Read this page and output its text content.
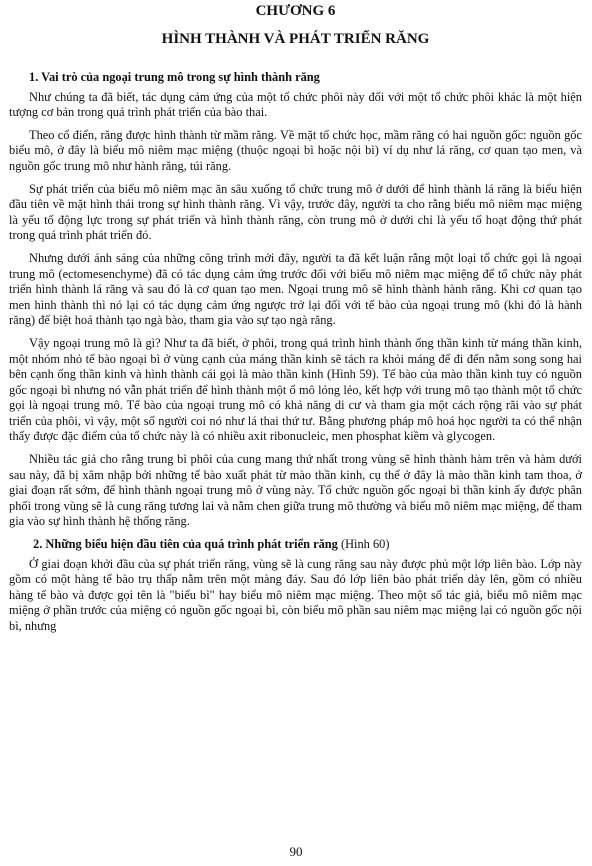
CHƯƠNG 6
HÌNH THÀNH VÀ PHÁT TRIỂN RĂNG
1. Vai trò của ngoại trung mô trong sự hình thành răng

Như chúng ta đã biết, tác dụng cảm ứng của một tổ chức phôi này đối với một tổ chức phôi khác là một hiện tượng cơ bản trong quá trình phát triển của bào thai.

Theo cổ điển, răng được hình thành từ mầm răng. Về mặt tổ chức học, mầm răng có hai nguồn gốc: nguồn gốc biểu mô, ở đây là biểu mô niêm mạc miệng (thuộc ngoại bì hoặc nội bì) ví dụ như lá răng, cơ quan tạo men, và nguồn gốc trung mô như hành răng, túi răng.

Sự phát triển của biểu mô niêm mạc ăn sâu xuống tổ chức trung mô ở dưới để hình thành lá răng là biểu hiện đầu tiên về mặt hình thái trong sự hình thành răng. Vì vậy, trước đây, người ta cho rằng biểu mô niêm mạc miệng là yếu tố động lực trong sự phát triển và hình thành răng, còn trung mô ở dưới chỉ là yếu tố hoạt động thứ phát trong quá trình phát triển đó.

Nhưng dưới ánh sáng của những công trình mới đây, người ta đã kết luận rằng một loại tổ chức gọi là ngoại trung mô (ectomesenchyme) đã có tác dụng cảm ứng trước đối với biểu mô niêm mạc miệng để tổ chức này phát triển hình thành lá răng và sau đó là cơ quan tạo men. Ngoại trung mô sẽ hình thành hành răng. Khi cơ quan tạo men hình thành thì nó lại có tác dụng cảm ứng ngược trở lại đối với tế bào của ngoại trung mô (khi đó là hành răng) để biệt hoá thành tạo ngà bào, tham gia vào sự tạo ngà răng.

Vậy ngoại trung mô là gì? Như ta đã biết, ở phôi, trong quá trình hình thành ống thần kinh từ máng thần kinh, một nhóm nhỏ tế bào ngoại bì ở vùng cạnh của máng thần kinh sẽ tách ra khỏi máng để đi đến nằm song song hai bên cạnh ống thần kinh và hình thành cái gọi là mào thần kinh (Hình 59). Tế bào của mào thần kinh tuy có nguồn gốc ngoại bì nhưng nó vẫn phát triển để hình thành một ổ mô lỏng lẻo, kết hợp với trung mô tạo thành một tổ chức gọi là ngoại trung mô. Tế bào của ngoại trung mô có khả năng di cư và tham gia một cách rộng rãi vào sự phát triển của phôi, vì vậy, một số người coi nó như lá thai thứ tư. Bằng phương pháp mô hoá học người ta có thể nhận thấy được đặc điểm của tổ chức này là có nhiều axit ribonucleic, men phosphat kiềm và glycogen.

Nhiều tác giả cho rằng trung bì phôi của cung mang thứ nhất trong vùng sẽ hình thành hàm trên và hàm dưới sau này, đã bị xâm nhập bởi những tế bào xuất phát từ mào thần kinh, cụ thể ở đây là mào thần kinh tam thoa, ở giai đoạn rất sớm, để hình thành ngoại trung mô ở vùng này. Tổ chức nguồn gốc ngoại bì thần kinh ấy được phân phối trong vùng sẽ là cung răng tương lai và nằm chen giữa trung mô thường và biểu mô niêm mạc miệng, để tham gia vào sự hình thành hệ thống răng.

2. Những biểu hiện đầu tiên của quá trình phát triển răng (Hình 60)

Ở giai đoạn khởi đầu của sự phát triển răng, vùng sẽ là cung răng sau này được phủ một lớp liên bào. Lớp này gồm có một hàng tế bào trụ thấp nằm trên một màng đáy. Sau đó lớp liên bào phát triển dày lên, gồm có nhiều hàng tế bào và được gọi tên là "biểu bì" hay biểu mô niêm mạc miệng. Theo một số tác giả, biểu mô niêm mạc miệng ở phần trước của miệng có nguồn gốc ngoại bì, còn biểu mô phần sau niêm mạc miệng lại có nguồn gốc nội bì, nhưng

90
